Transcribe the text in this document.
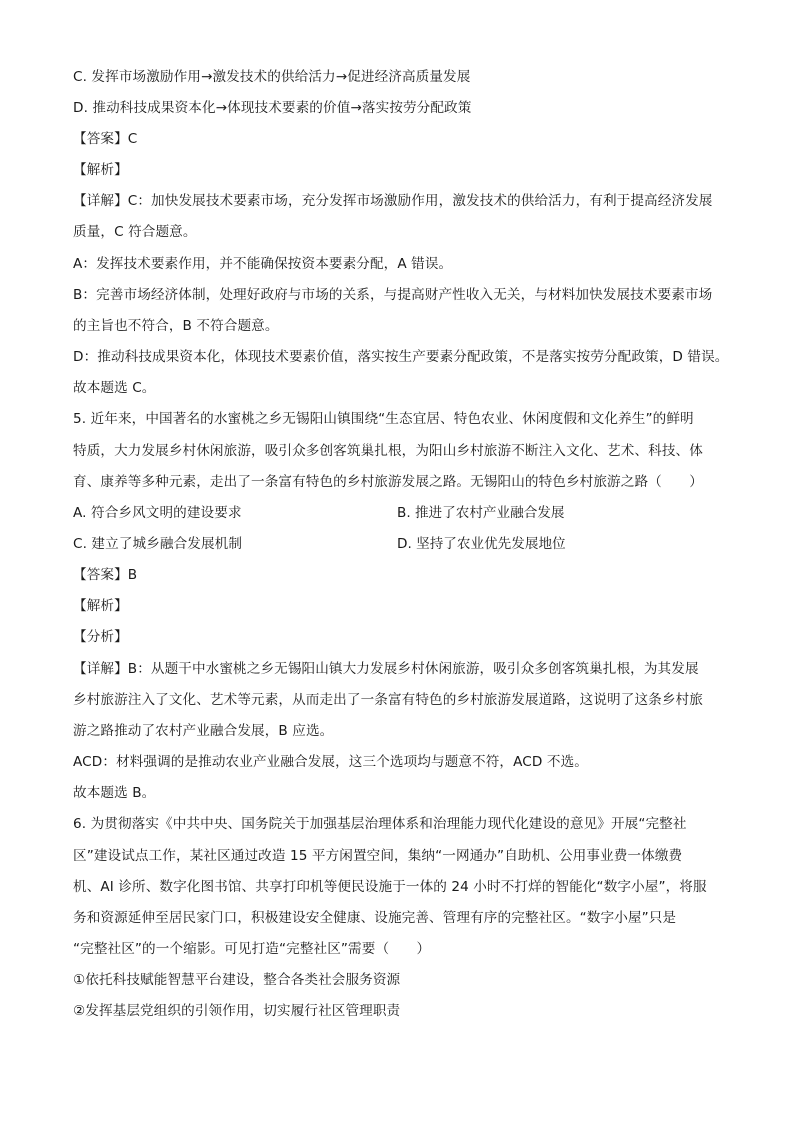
C. 发挥市场激励作用→激发技术的供给活力→促进经济高质量发展
D. 推动科技成果资本化→体现技术要素的价值→落实按劳分配政策
【答案】C
【解析】
【详解】C：加快发展技术要素市场，充分发挥市场激励作用，激发技术的供给活力，有利于提高经济发展
质量，C 符合题意。
A：发挥技术要素作用，并不能确保按资本要素分配，A 错误。
B：完善市场经济体制，处理好政府与市场的关系，与提高财产性收入无关，与材料加快发展技术要素市场
的主旨也不符合，B 不符合题意。
D：推动科技成果资本化，体现技术要素价值，落实按生产要素分配政策，不是落实按劳分配政策，D 错误。
故本题选 C。
5. 近年来，中国著名的水蜜桃之乡无锡阳山镇围绕“生态宜居、特色农业、休闲度假和文化养生”的鲜明
特质，大力发展乡村休闲旅游，吸引众多创客筑巢扎根，为阳山乡村旅游不断注入文化、艺术、科技、体
育、康养等多种元素，走出了一条富有特色的乡村旅游发展之路。无锡阳山的特色乡村旅游之路（　　）
A. 符合乡风文明的建设要求	B. 推进了农村产业融合发展
C. 建立了城乡融合发展机制	D. 坚持了农业优先发展地位
【答案】B
【解析】
【分析】
【详解】B：从题干中水蜜桃之乡无锡阳山镇大力发展乡村休闲旅游，吸引众多创客筑巢扎根，为其发展
乡村旅游注入了文化、艺术等元素，从而走出了一条富有特色的乡村旅游发展道路，这说明了这条乡村旅
游之路推动了农村产业融合发展，B 应选。
ACD：材料强调的是推动农业产业融合发展，这三个选项均与题意不符，ACD 不选。
故本题选 B。
6. 为贯彻落实《中共中央、国务院关于加强基层治理体系和治理能力现代化建设的意见》开展“完整社
区”建设试点工作，某社区通过改造 15 平方闲置空间，集纳“一网通办”自助机、公用事业费一体缴费
机、AI 诊所、数字化图书馆、共享打印机等便民设施于一体的 24 小时不打烊的智能化“数字小屋”，将服
务和资源延伸至居民家门口，积极建设安全健康、设施完善、管理有序的完整社区。“数字小屋”只是
“完整社区”的一个缩影。可见打造“完整社区”需要（　　）
①依托科技赋能智慧平台建设，整合各类社会服务资源
②发挥基层党组织的引领作用，切实履行社区管理职责
